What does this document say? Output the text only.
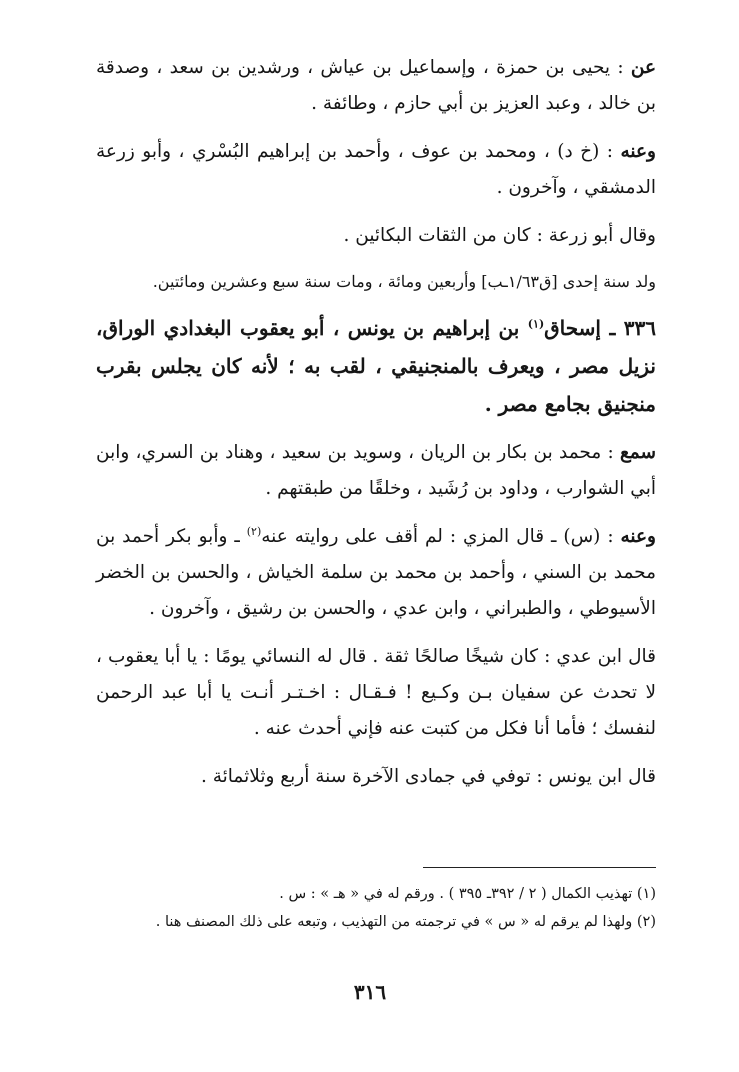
عن : يحيى بن حمزة ، وإسماعيل بن عياش ، ورشدين بن سعد ، وصدقة بن خالد ، وعبد العزيز بن أبي حازم ، وطائفة .

وعنه : (خ د) ، ومحمد بن عوف ، وأحمد بن إبراهيم البُسْري ، وأبو زرعة الدمشقي ، وآخرون .

وقال أبو زرعة : كان من الثقات البكائين .

ولد سنة إحدى [ق١/٦٣ـب] وأربعين ومائة ، ومات سنة سبع وعشرين ومائتين.

٣٣٦ ـ إسحاق$^{(١)}$ بن إبراهيم بن يونس ، أبو يعقوب البغدادي الوراق، نزيل مصر ، ويعرف بالمنجنيقي ، لقب به ؛ لأنه كان يجلس بقرب منجنيق بجامع مصر .

سمع : محمد بن بكار بن الريان ، وسويد بن سعيد ، وهناد بن السري، وابن أبي الشوارب ، وداود بن رُشَيد ، وخلقًا من طبقتهم .

وعنه : (س) ـ قال المزي : لم أقف على روايته عنه$^{(٢)}$ ـ وأبو بكر أحمد بن محمد بن السني ، وأحمد بن محمد بن سلمة الخياش ، والحسن بن الخضر الأسيوطي ، والطبراني ، وابن عدي ، والحسن بن رشيق ، وآخرون .

قال ابن عدي : كان شيخًا صالحًا ثقة . قال له النسائي يومًا : يا أبا يعقوب ، لا تحدث عن سفيان بـن وكـيع ! فـقـال : اخـتـر أنـت يا أبا عبد الرحمن لنفسك ؛ فأما أنا فكل من كتبت عنه فإني أحدث عنه .

قال ابن يونس : توفي في جمادى الآخرة سنة أربع وثلاثمائة .

(١) تهذيب الكمال ( ٢ / ٣٩٢ـ ٣٩٥ ) . ورقم له في « هـ » : س .
(٢) ولهذا لم يرقم له « س » في ترجمته من التهذيب ، وتبعه على ذلك المصنف هنا .
٣١٦
